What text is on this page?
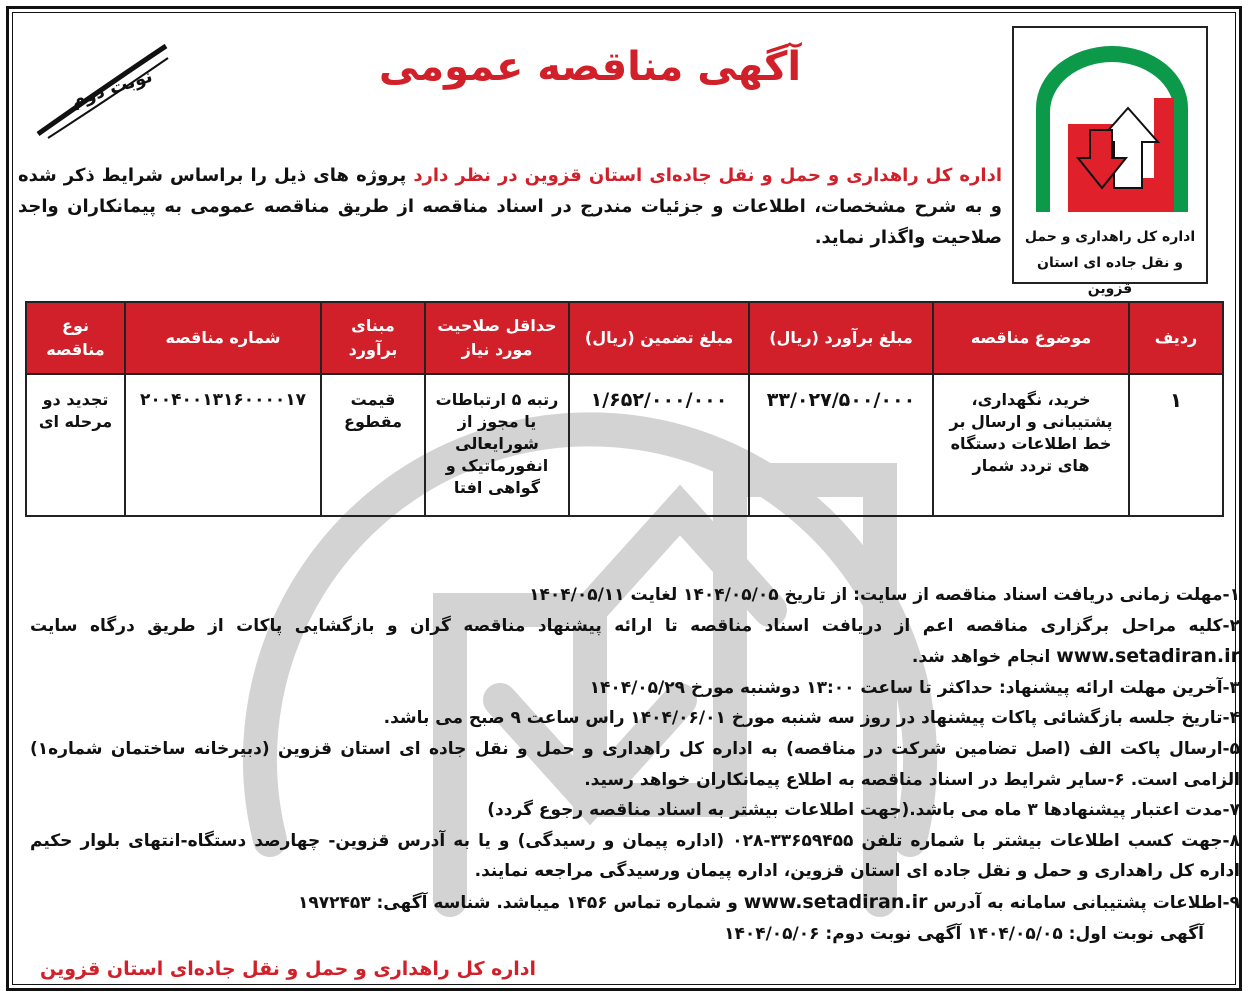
اداره کل راهداری و حمل
و نقل جاده ای استان قزوین
آگهی مناقصه عمومی
نوبت دوم
اداره کل راهداری و حمل و نقل جاده‌ای استان قزوین در نظر دارد پروژه های ذیل را براساس شرایط ذکر شده و به شرح مشخصات، اطلاعات و جزئیات مندرج در اسناد مناقصه از طریق مناقصه عمومی به پیمانکاران واجد صلاحیت واگذار نماید.
ردیف	موضوع مناقصه	مبلغ برآورد (ریال)	مبلغ تضمین (ریال)	حداقل صلاحیت مورد نیاز	مبنای برآورد	شماره مناقصه	نوع مناقصه
۱	خرید، نگهداری، پشتیبانی و ارسال بر خط اطلاعات دستگاه های تردد شمار	۳۳/۰۲۷/۵۰۰/۰۰۰	۱/۶۵۲/۰۰۰/۰۰۰	رتبه ۵ ارتباطات یا مجوز از شورایعالی انفورماتیک و گواهی افتا	قیمت مقطوع	۲۰۰۴۰۰۱۳۱۶۰۰۰۰۱۷	تجدید دو مرحله ای

۱-مهلت زمانی دریافت اسناد مناقصه از سایت: از تاریخ ۱۴۰۴/۰۵/۰۵ لغایت ۱۴۰۴/۰۵/۱۱

۲-کلیه مراحل برگزاری مناقصه اعم از دریافت اسناد مناقصه تا ارائه پیشنهاد مناقصه گران و بازگشایی پاکات از طریق درگاه سایت www.setadiran.ir انجام خواهد شد.

۳-آخرین مهلت ارائه پیشنهاد: حداکثر تا ساعت ۱۳:۰۰ دوشنبه مورخ ۱۴۰۴/۰۵/۲۹

۴-تاریخ جلسه بازگشائی پاکات پیشنهاد در روز سه شنبه مورخ ۱۴۰۴/۰۶/۰۱ راس ساعت ۹ صبح می باشد.

۵-ارسال پاکت الف (اصل تضامین شرکت در مناقصه) به اداره کل راهداری و حمل و نقل جاده ای استان قزوین (دبیرخانه ساختمان شماره۱) الزامی است. ۶-سایر شرایط در اسناد مناقصه به اطلاع پیمانکاران خواهد رسید.

۷-مدت اعتبار پیشنهادها ۳ ماه می باشد.(جهت اطلاعات بیشتر به اسناد مناقصه رجوع گردد)

۸-جهت کسب اطلاعات بیشتر با شماره تلفن ۳۳۶۵۹۴۵۵-۰۲۸ (اداره پیمان و رسیدگی) و یا به آدرس قزوین- چهارصد دستگاه-انتهای بلوار حکیم اداره کل راهداری و حمل و نقل جاده ای استان قزوین، اداره پیمان ورسیدگی مراجعه نمایند.

۹-اطلاعات پشتیبانی سامانه به آدرس www.setadiran.ir و شماره تماس ۱۴۵۶ میباشد. شناسه آگهی: ۱۹۷۲۴۵۳

آگهی نوبت اول: ۱۴۰۴/۰۵/۰۵ آگهی نوبت دوم: ۱۴۰۴/۰۵/۰۶

اداره کل راهداری و حمل و نقل جاده‌ای استان قزوین
